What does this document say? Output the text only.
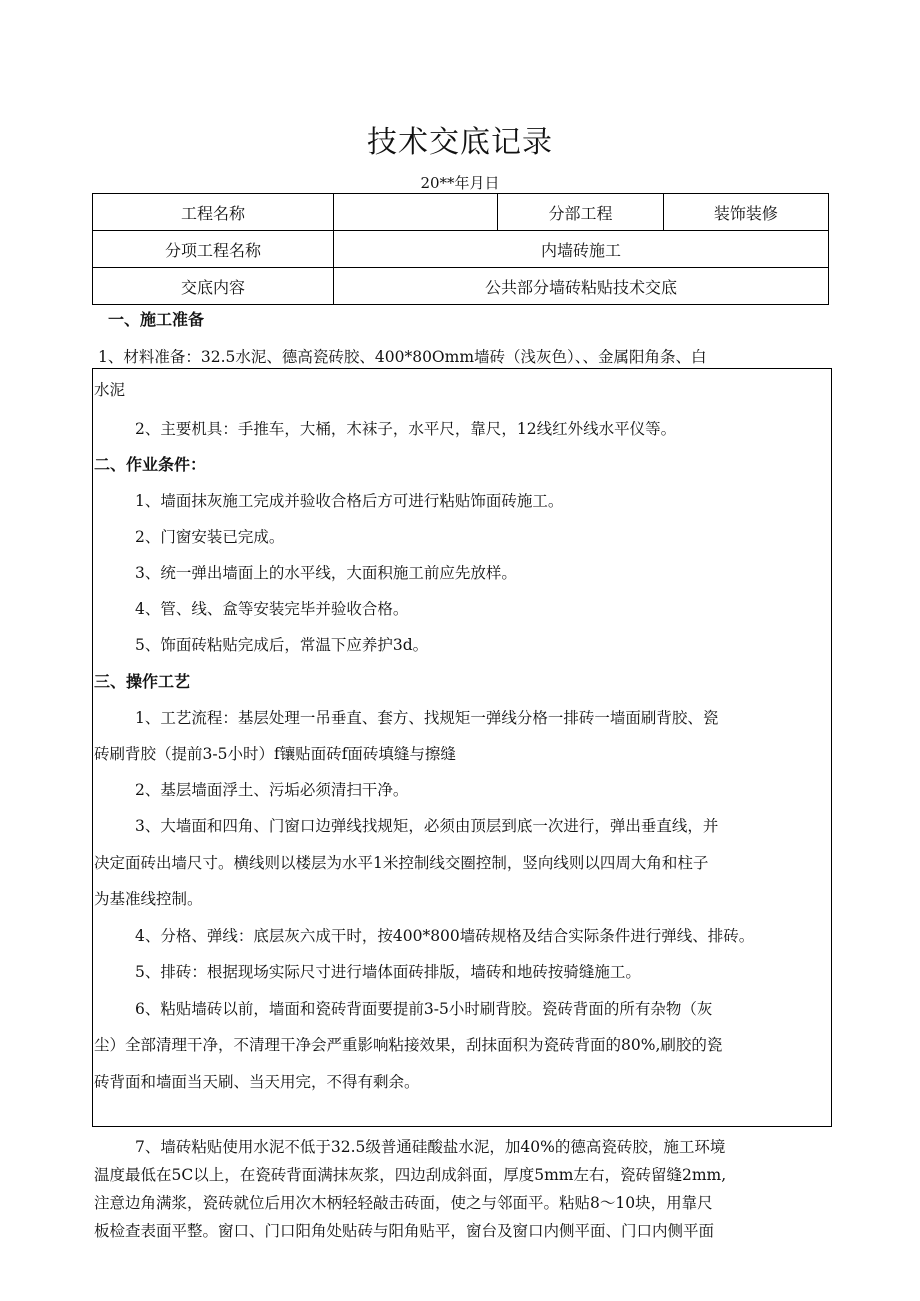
技术交底记录
20**年月日
工程名称		分部工程	装饰装修
分项工程名称	内墙砖施工		
交底内容	公共部分墙砖粘贴技术交底		
一、施工准备
1、材料准备：32.5水泥、德高瓷砖胶、400*80Omm墙砖（浅灰色）、、金属阳角条、白
水泥
2、主要机具：手推车，大桶，木袜子，水平尺，靠尺，12线红外线水平仪等。
二、作业条件：
1、墙面抹灰施工完成并验收合格后方可进行粘贴饰面砖施工。
2、门窗安装已完成。
3、统一弹出墙面上的水平线，大面积施工前应先放样。
4、管、线、盒等安装完毕并验收合格。
5、饰面砖粘贴完成后，常温下应养护3d。
三、操作工艺
1、工艺流程：基层处理一吊垂直、套方、找规矩一弹线分格一排砖一墙面刷背胶、瓷
砖刷背胶（提前3-5小时）f镶贴面砖f面砖填缝与擦缝
2、基层墙面浮土、污垢必须清扫干净。
3、大墙面和四角、门窗口边弹线找规矩，必须由顶层到底一次进行，弹出垂直线，并
决定面砖出墙尺寸。横线则以楼层为水平1米控制线交圈控制，竖向线则以四周大角和柱子
为基准线控制。
4、分格、弹线：底层灰六成干时，按400*800墙砖规格及结合实际条件进行弹线、排砖。
5、排砖：根据现场实际尺寸进行墙体面砖排版，墙砖和地砖按骑缝施工。
6、粘贴墙砖以前，墙面和瓷砖背面要提前3-5小时刷背胶。瓷砖背面的所有杂物（灰
尘）全部清理干净，不清理干净会严重影响粘接效果，刮抹面积为瓷砖背面的80%,刷胶的瓷
砖背面和墙面当天刷、当天用完，不得有剩余。
7、墙砖粘贴使用水泥不低于32.5级普通硅酸盐水泥，加40%的德高瓷砖胶，施工环境
温度最低在5C以上，在瓷砖背面满抹灰浆，四边刮成斜面，厚度5mm左右，瓷砖留缝2mm,
注意边角满浆，瓷砖就位后用次木柄轻轻敲击砖面，使之与邻面平。粘贴8～10块，用靠尺
板检查表面平整。窗口、门口阳角处贴砖与阳角贴平，窗台及窗口内侧平面、门口内侧平面
